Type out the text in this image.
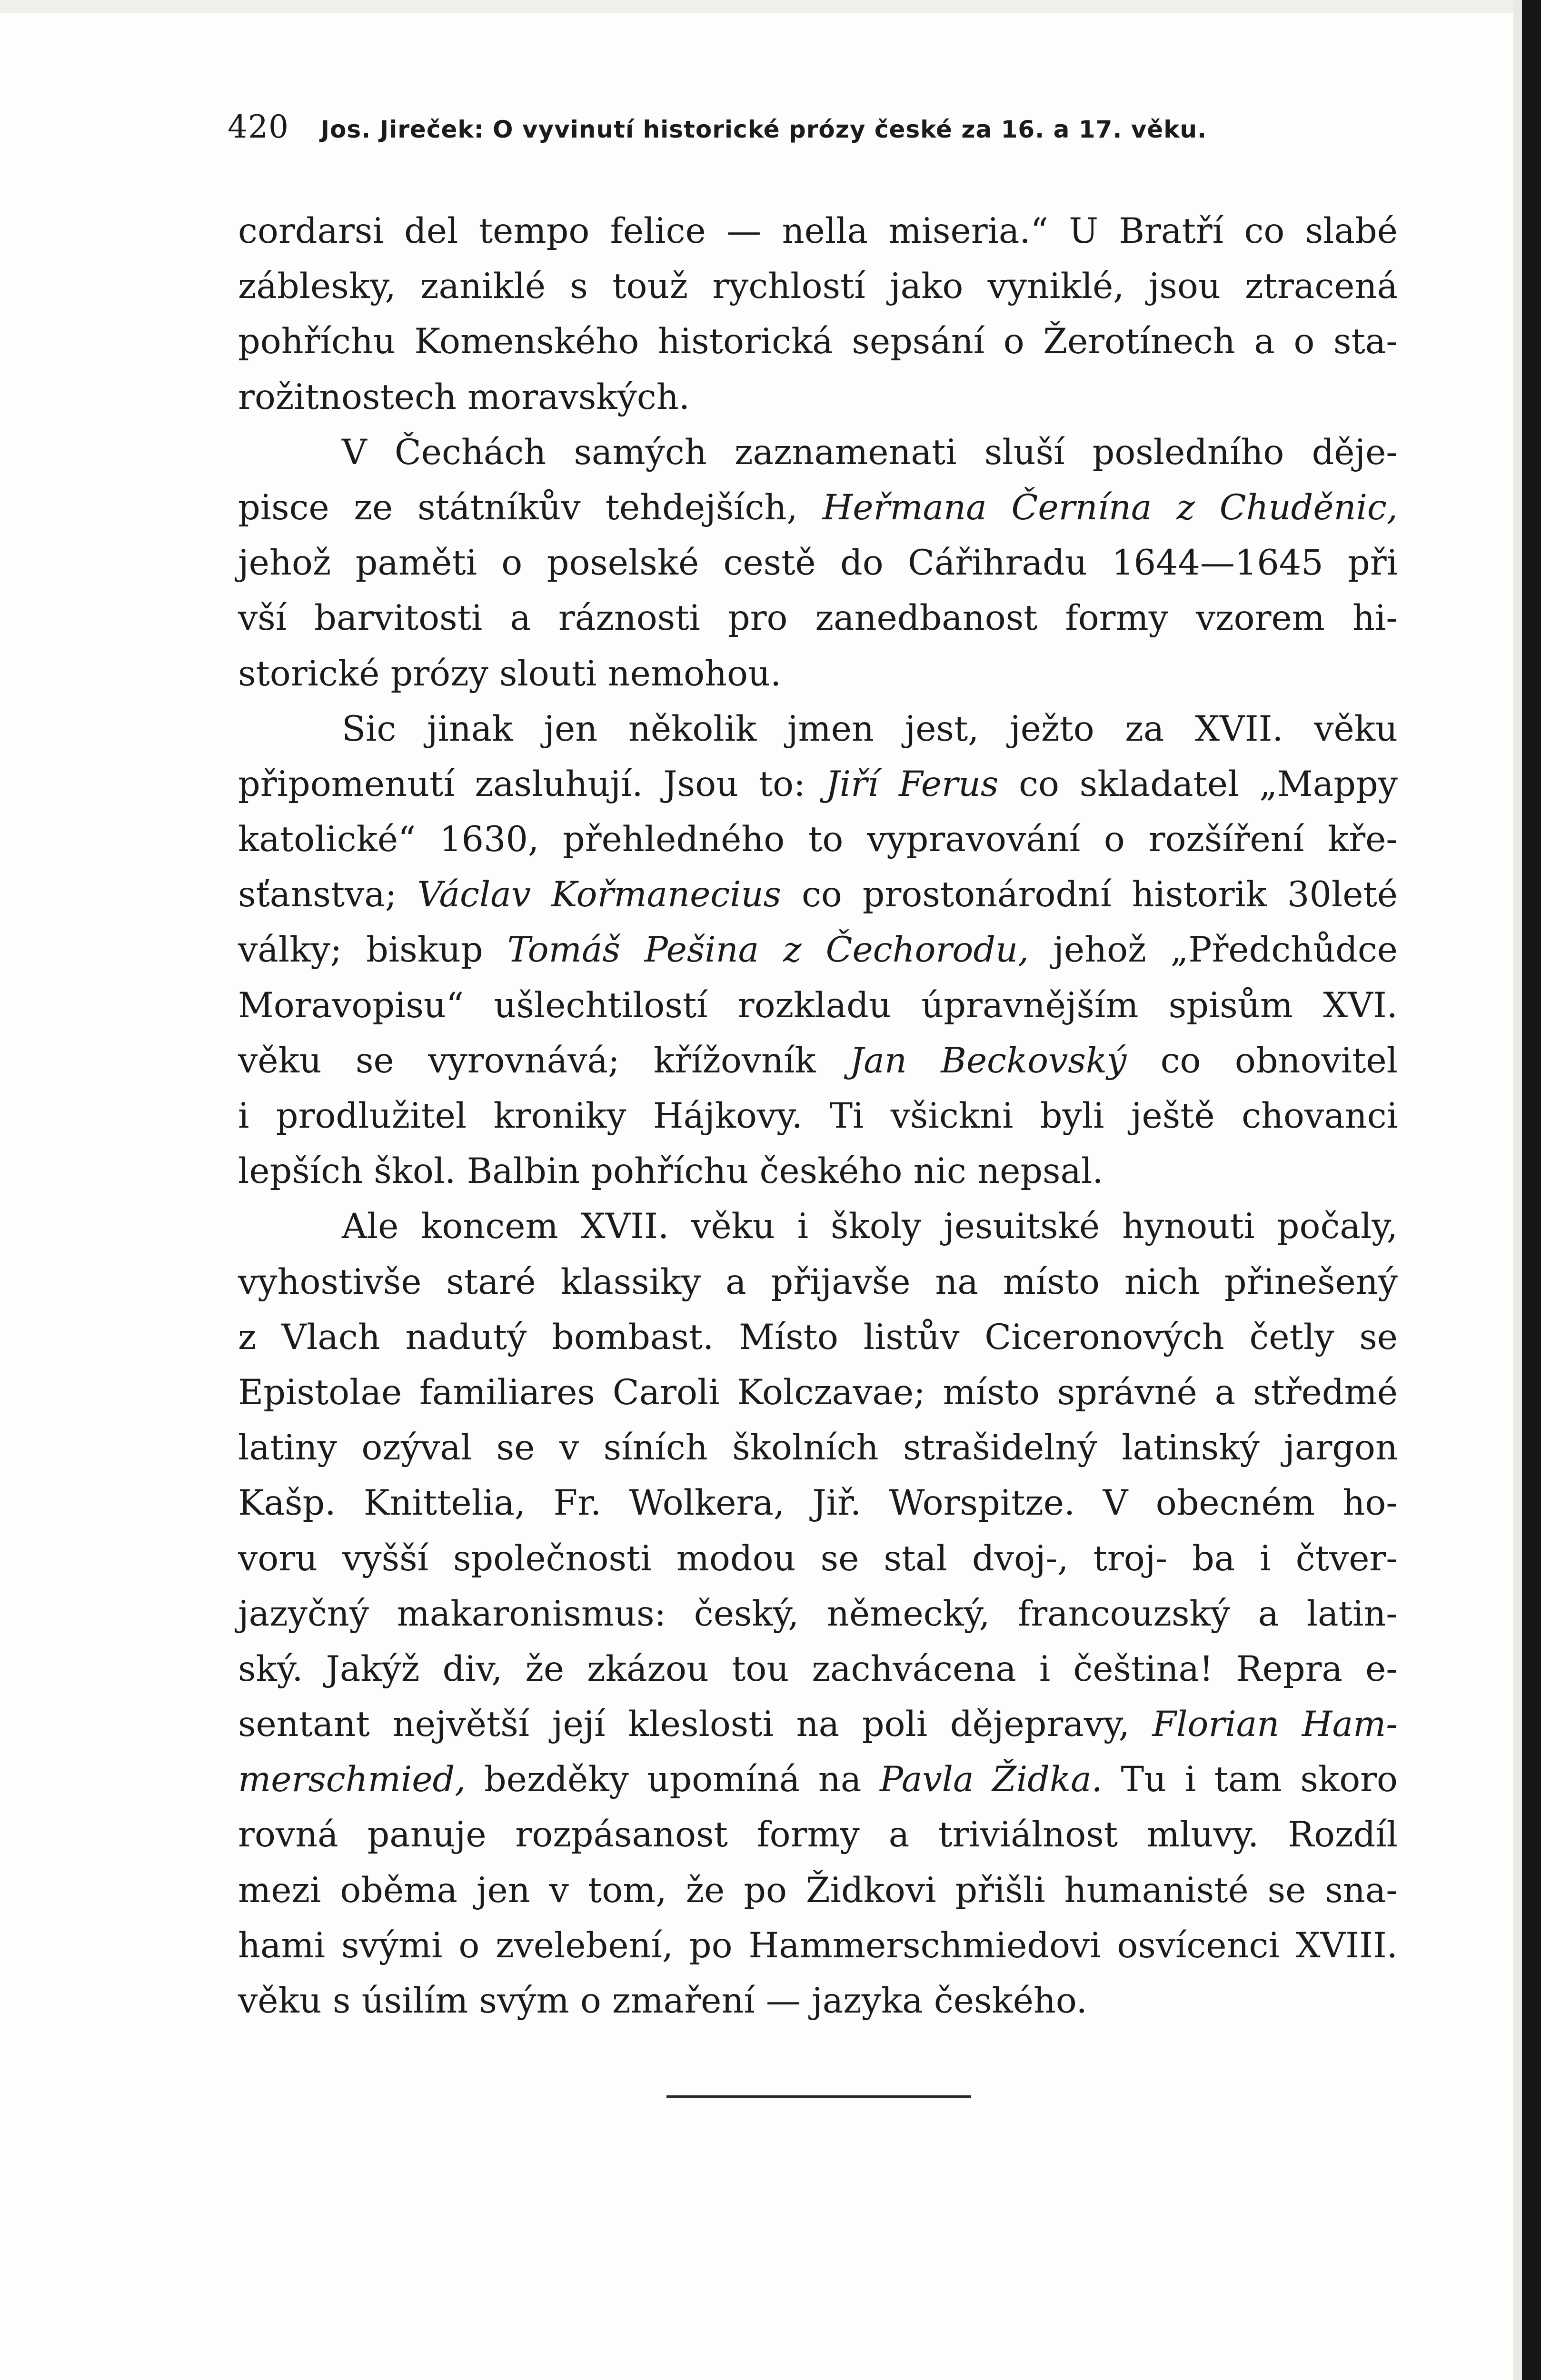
420 Jos. Jireček: O vyvinutí historické prózy české za 16. a 17. věku.
cordarsi del tempo felice — nella miseria.“ U Bratří co slabé
záblesky, zaniklé s touž rychlostí jako vyniklé, jsou ztracená
pohříchu Komenského historická sepsání o Žerotínech a o sta-
rožitnostech moravských.
V Čechách samých zaznamenati sluší posledního děje-
pisce ze státníkův tehdejších, Heřmana Černína z Chuděnic,
jehož paměti o poselské cestě do Cářihradu 1644—1645 při
vší barvitosti a ráznosti pro zanedbanost formy vzorem hi-
storické prózy slouti nemohou.
Sic jinak jen několik jmen jest, ježto za XVII. věku
připomenutí zasluhují. Jsou to: Jiří Ferus co skladatel „Mappy
katolické“ 1630, přehledného to vypravování o rozšíření kře-
sťanstva; Václav Kořmanecius co prostonárodní historik 30leté
války; biskup Tomáš Pešina z Čechorodu, jehož „Předchůdce
Moravopisu“ ušlechtilostí rozkladu úpravnějším spisům XVI.
věku se vyrovnává; křížovník Jan Beckovský co obnovitel
i prodlužitel kroniky Hájkovy. Ti všickni byli ještě chovanci
lepších škol. Balbin pohříchu českého nic nepsal.
Ale koncem XVII. věku i školy jesuitské hynouti počaly,
vyhostivše staré klassiky a přijavše na místo nich přinešený
z Vlach nadutý bombast. Místo listův Ciceronových četly se
Epistolae familiares Caroli Kolczavae; místo správné a středmé
latiny ozýval se v síních školních strašidelný latinský jargon
Kašp. Knittelia, Fr. Wolkera, Jiř. Worspitze. V obecném ho-
voru vyšší společnosti modou se stal dvoj-, troj- ba i čtver-
jazyčný makaronismus: český, německý, francouzský a latin-
ský. Jakýž div, že zkázou tou zachvácena i čeština! Repra e-
sentant největší její kleslosti na poli dějepravy, Florian Ham-
merschmied, bezděky upomíná na Pavla Židka. Tu i tam skoro
rovná panuje rozpásanost formy a triviálnost mluvy. Rozdíl
mezi oběma jen v tom, že po Židkovi přišli humanisté se sna-
hami svými o zvelebení, po Hammerschmiedovi osvícenci XVIII.
věku s úsilím svým o zmaření — jazyka českého.
